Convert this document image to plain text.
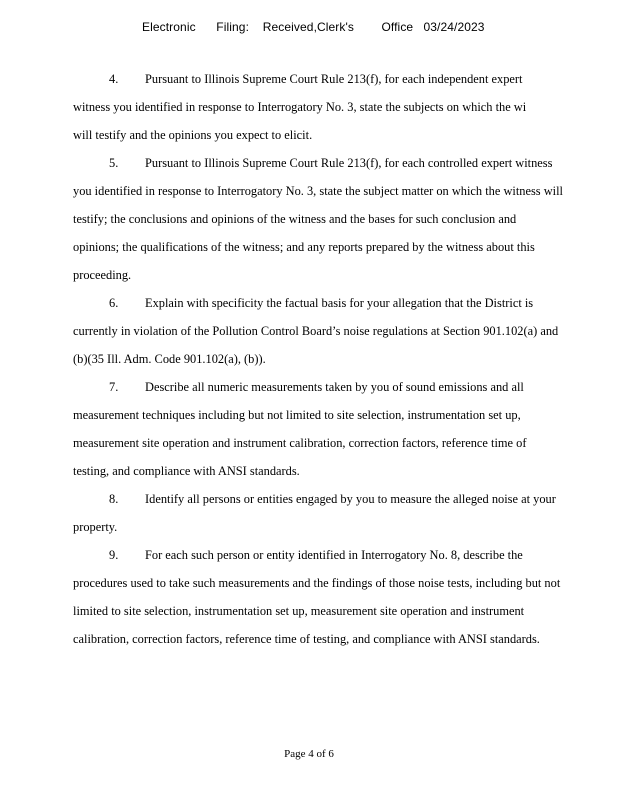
Electronic      Filing:    Received,Clerk's        Office   03/24/2023
4. Pursuant to Illinois Supreme Court Rule 213(f), for each independent expert
witness you identified in response to Interrogatory No. 3, state the subjects on which the wi
will testify and the opinions you expect to elicit.
5. Pursuant to Illinois Supreme Court Rule 213(f), for each controlled expert witness
you identified in response to Interrogatory No. 3, state the subject matter on which the witness will
testify; the conclusions and opinions of the witness and the bases for such conclusion and
opinions; the qualifications of the witness; and any reports prepared by the witness about this
proceeding.
6. Explain with specificity the factual basis for your allegation that the District is
currently in violation of the Pollution Control Board’s noise regulations at Section 901.102(a) and
(b)(35 Ill. Adm. Code 901.102(a), (b)).
7. Describe all numeric measurements taken by you of sound emissions and all
measurement techniques including but not limited to site selection, instrumentation set up,
measurement site operation and instrument calibration, correction factors, reference time of
testing, and compliance with ANSI standards.
8. Identify all persons or entities engaged by you to measure the alleged noise at your
property.
9. For each such person or entity identified in Interrogatory No. 8, describe the
procedures used to take such measurements and the findings of those noise tests, including but not
limited to site selection, instrumentation set up, measurement site operation and instrument
calibration, correction factors, reference time of testing, and compliance with ANSI standards.
Page 4 of 6
